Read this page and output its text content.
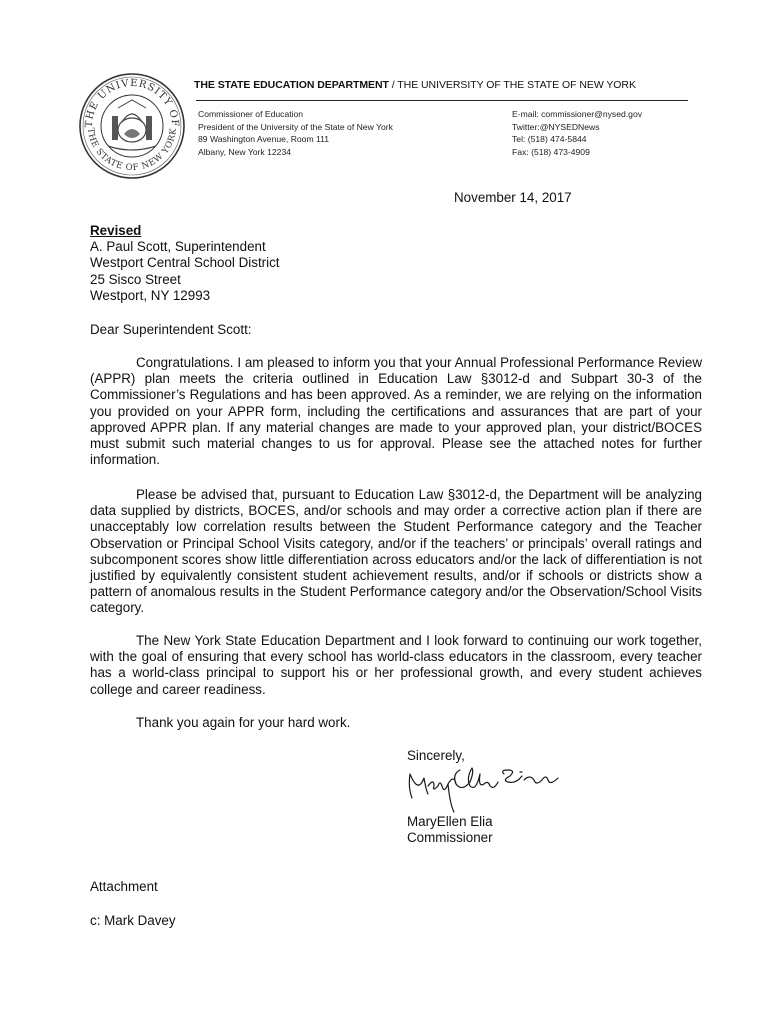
THE UNIVERSITY OF
THE STATE OF NEW YORK
THE STATE EDUCATION DEPARTMENT / THE UNIVERSITY OF THE STATE OF NEW YORK
Commissioner of Education
President of the University of the State of New York
89 Washington Avenue, Room 111
Albany, New York 12234
E-mail: commissioner@nysed.gov
Twitter:@NYSEDNews
Tel: (518) 474-5844
Fax: (518) 473-4909
November 14, 2017
Revised
A. Paul Scott, Superintendent
Westport Central School District
25 Sisco Street
Westport, NY 12993
Dear Superintendent Scott:

Congratulations. I am pleased to inform you that your Annual Professional Performance Review (APPR) plan meets the criteria outlined in Education Law §3012-d and Subpart 30-3 of the Commissioner’s Regulations and has been approved. As a reminder, we are relying on the information you provided on your APPR form, including the certifications and assurances that are part of your approved APPR plan. If any material changes are made to your approved plan, your district/BOCES must submit such material changes to us for approval. Please see the attached notes for further information.

Please be advised that, pursuant to Education Law §3012-d, the Department will be analyzing data supplied by districts, BOCES, and/or schools and may order a corrective action plan if there are unacceptably low correlation results between the Student Performance category and the Teacher Observation or Principal School Visits category, and/or if the teachers’ or principals’ overall ratings and subcomponent scores show little differentiation across educators and/or the lack of differentiation is not justified by equivalently consistent student achievement results, and/or if schools or districts show a pattern of anomalous results in the Student Performance category and/or the Observation/School Visits category.

The New York State Education Department and I look forward to continuing our work together, with the goal of ensuring that every school has world-class educators in the classroom, every teacher has a world-class principal to support his or her professional growth, and every student achieves college and career readiness.

Thank you again for your hard work.
Sincerely,
MaryEllen Elia
Commissioner
Attachment
c: Mark Davey
